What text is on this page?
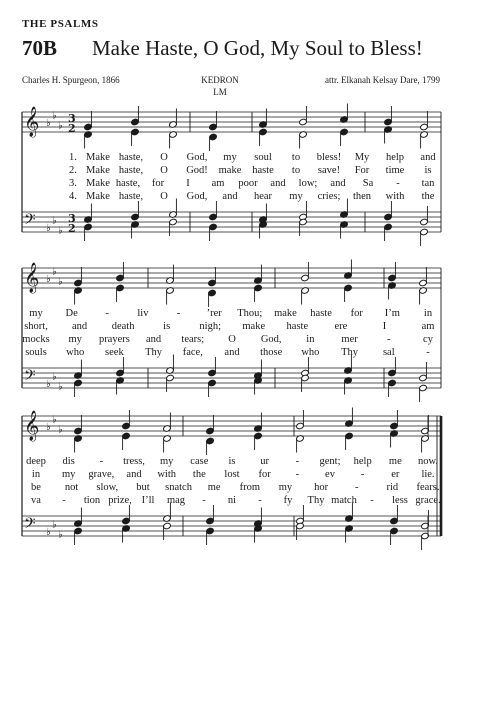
THE PSALMS
70B Make Haste, O God, My Soul to Bless!
Charles H. Spurgeon, 1866	KEDRON
LM
attr. Elkanah Kelsay Dare, 1799
𝄞 ♭
♭
♭
3
2
𝄢 ♭
♭
♭
3
2
𝄞 ♭
♭
♭
𝄢 ♭
♭
♭
𝄞 ♭
♭
♭
𝄢 ♭
♭
♭
1. Make haste, O God, my soul to bless! My help and
my De	-	liv	-	’rer Thou; make haste for I’m in
deep dis - tress, my case is ur	- gent; help me now.
2. Make haste, O God! make haste to save! For time is
short, and death	is	nigh; make haste	ere	I	am
in my grave, and with the lost for - ev -	er lie.
3. Make haste, for I am poor and low; and Sa - tan
mocks my prayers and tears; O God, in	mer	-	cy
be not slow, but snatch me from my hor	-	rid fears.
4. Make haste, O God, and hear my cries; then with the
souls who seek Thy face, and those who Thy sal	-
va - tion prize, I’ll mag - ni - fy Thy match - less grace.
